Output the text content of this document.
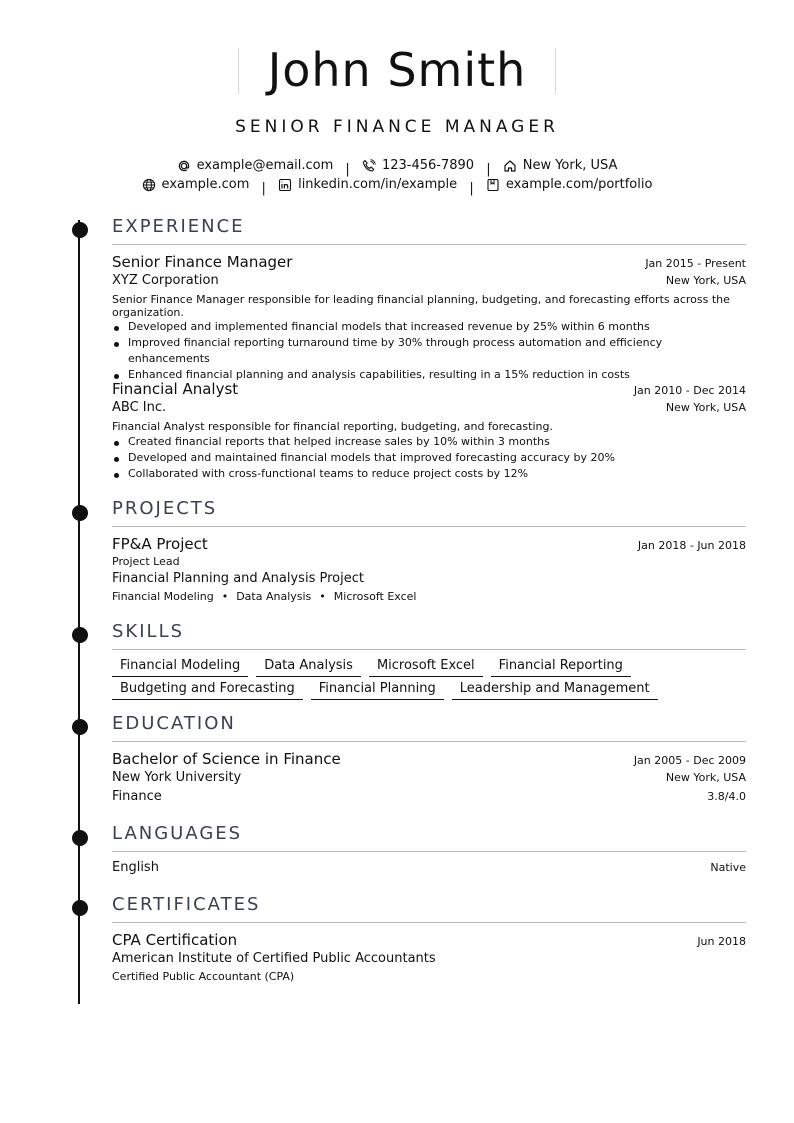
John Smith
SENIOR FINANCE MANAGER
example@email.com | 123-456-7890 | New York, USA
example.com | linkedin.com/in/example | example.com/portfolio
EXPERIENCE
Senior Finance Manager	Jan 2015 - Present
XYZ Corporation	New York, USA
Senior Finance Manager responsible for leading financial planning, budgeting, and forecasting efforts across the organization.
Developed and implemented financial models that increased revenue by 25% within 6 months
Improved financial reporting turnaround time by 30% through process automation and efficiency enhancements
Enhanced financial planning and analysis capabilities, resulting in a 15% reduction in costs
Financial Analyst	Jan 2010 - Dec 2014
ABC Inc.	New York, USA
Financial Analyst responsible for financial reporting, budgeting, and forecasting.
Created financial reports that helped increase sales by 10% within 3 months
Developed and maintained financial models that improved forecasting accuracy by 20%
Collaborated with cross-functional teams to reduce project costs by 12%
PROJECTS
FP&A Project	Jan 2018 - Jun 2018
Project Lead
Financial Planning and Analysis Project
Financial Modeling • Data Analysis • Microsoft Excel
SKILLS
Financial Modeling	Data Analysis	Microsoft Excel	Financial Reporting
Budgeting and Forecasting	Financial Planning	Leadership and Management
EDUCATION
Bachelor of Science in Finance	Jan 2005 - Dec 2009
New York University	New York, USA
Finance	3.8/4.0
LANGUAGES
English	Native
CERTIFICATES
CPA Certification	Jun 2018
American Institute of Certified Public Accountants
Certified Public Accountant (CPA)
